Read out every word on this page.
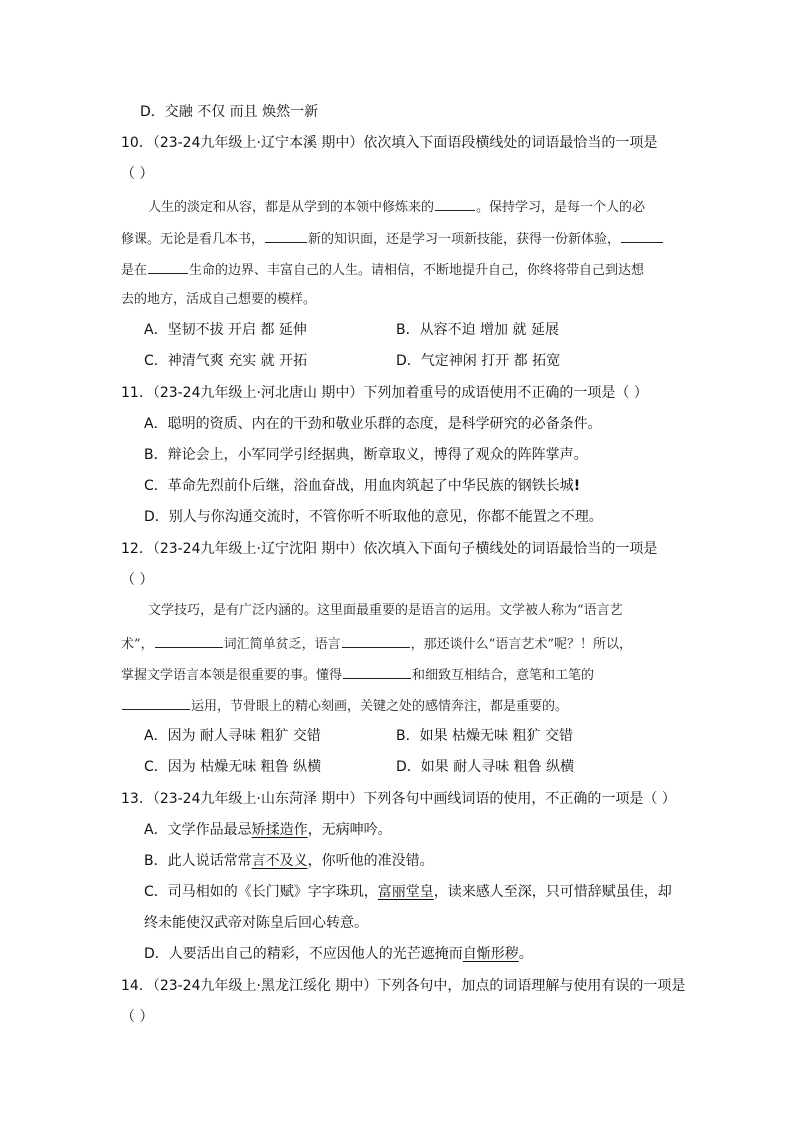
D．交融 不仅 而且 焕然一新
10．（23-24九年级上·辽宁本溪 期中）依次填入下面语段横线处的词语最恰当的一项是
（ ）
人生的淡定和从容，都是从学到的本领中修炼来的	。保持学习，是每一个人的必
修课。无论是看几本书，	新的知识面，还是学习一项新技能，获得一份新体验，
是在	生命的边界、丰富自己的人生。请相信，不断地提升自己，你终将带自己到达想
去的地方，活成自己想要的模样。
A．坚韧不拔 开启 都 延伸	B．从容不迫 增加 就 延展
C．神清气爽 充实 就 开拓	D．气定神闲 打开 都 拓宽
11．（23-24九年级上·河北唐山 期中）下列加着重号的成语使用不正确的一项是（ ）
A．聪明的资质、内在的干劲和敬业乐群的态度，是科学研究的必备条件。
B．辩论会上，小军同学引经据典，断章取义，博得了观众的阵阵掌声。
C．革命先烈前仆后继，浴血奋战，用血肉筑起了中华民族的钢铁长城!
D．别人与你沟通交流时，不管你听不听取他的意见，你都不能置之不理。
12．（23-24九年级上·辽宁沈阳 期中）依次填入下面句子横线处的词语最恰当的一项是
（ ）
文学技巧，是有广泛内涵的。这里面最重要的是语言的运用。文学被人称为“语言艺
术”，	词汇简单贫乏，语言	，那还谈什么“语言艺术”呢？！所以，
掌握文学语言本领是很重要的事。懂得	和细致互相结合，意笔和工笔的
运用，节骨眼上的精心刻画，关键之处的感情奔注，都是重要的。
A．因为 耐人寻味 粗犷 交错	B．如果 枯燥无味 粗犷 交错
C．因为 枯燥无味 粗鲁 纵横	D．如果 耐人寻味 粗鲁 纵横
13．（23-24九年级上·山东菏泽 期中）下列各句中画线词语的使用，不正确的一项是（ ）
A．文学作品最忌矫揉造作，无病呻吟。
B．此人说话常常言不及义，你听他的准没错。
C．司马相如的《长门赋》字字珠玑，富丽堂皇，读来感人至深，只可惜辞赋虽佳，却
终未能使汉武帝对陈皇后回心转意。
D．人要活出自己的精彩，不应因他人的光芒遮掩而自惭形秽。
14．（23-24九年级上·黑龙江绥化 期中）下列各句中，加点的词语理解与使用有误的一项是
（ ）
